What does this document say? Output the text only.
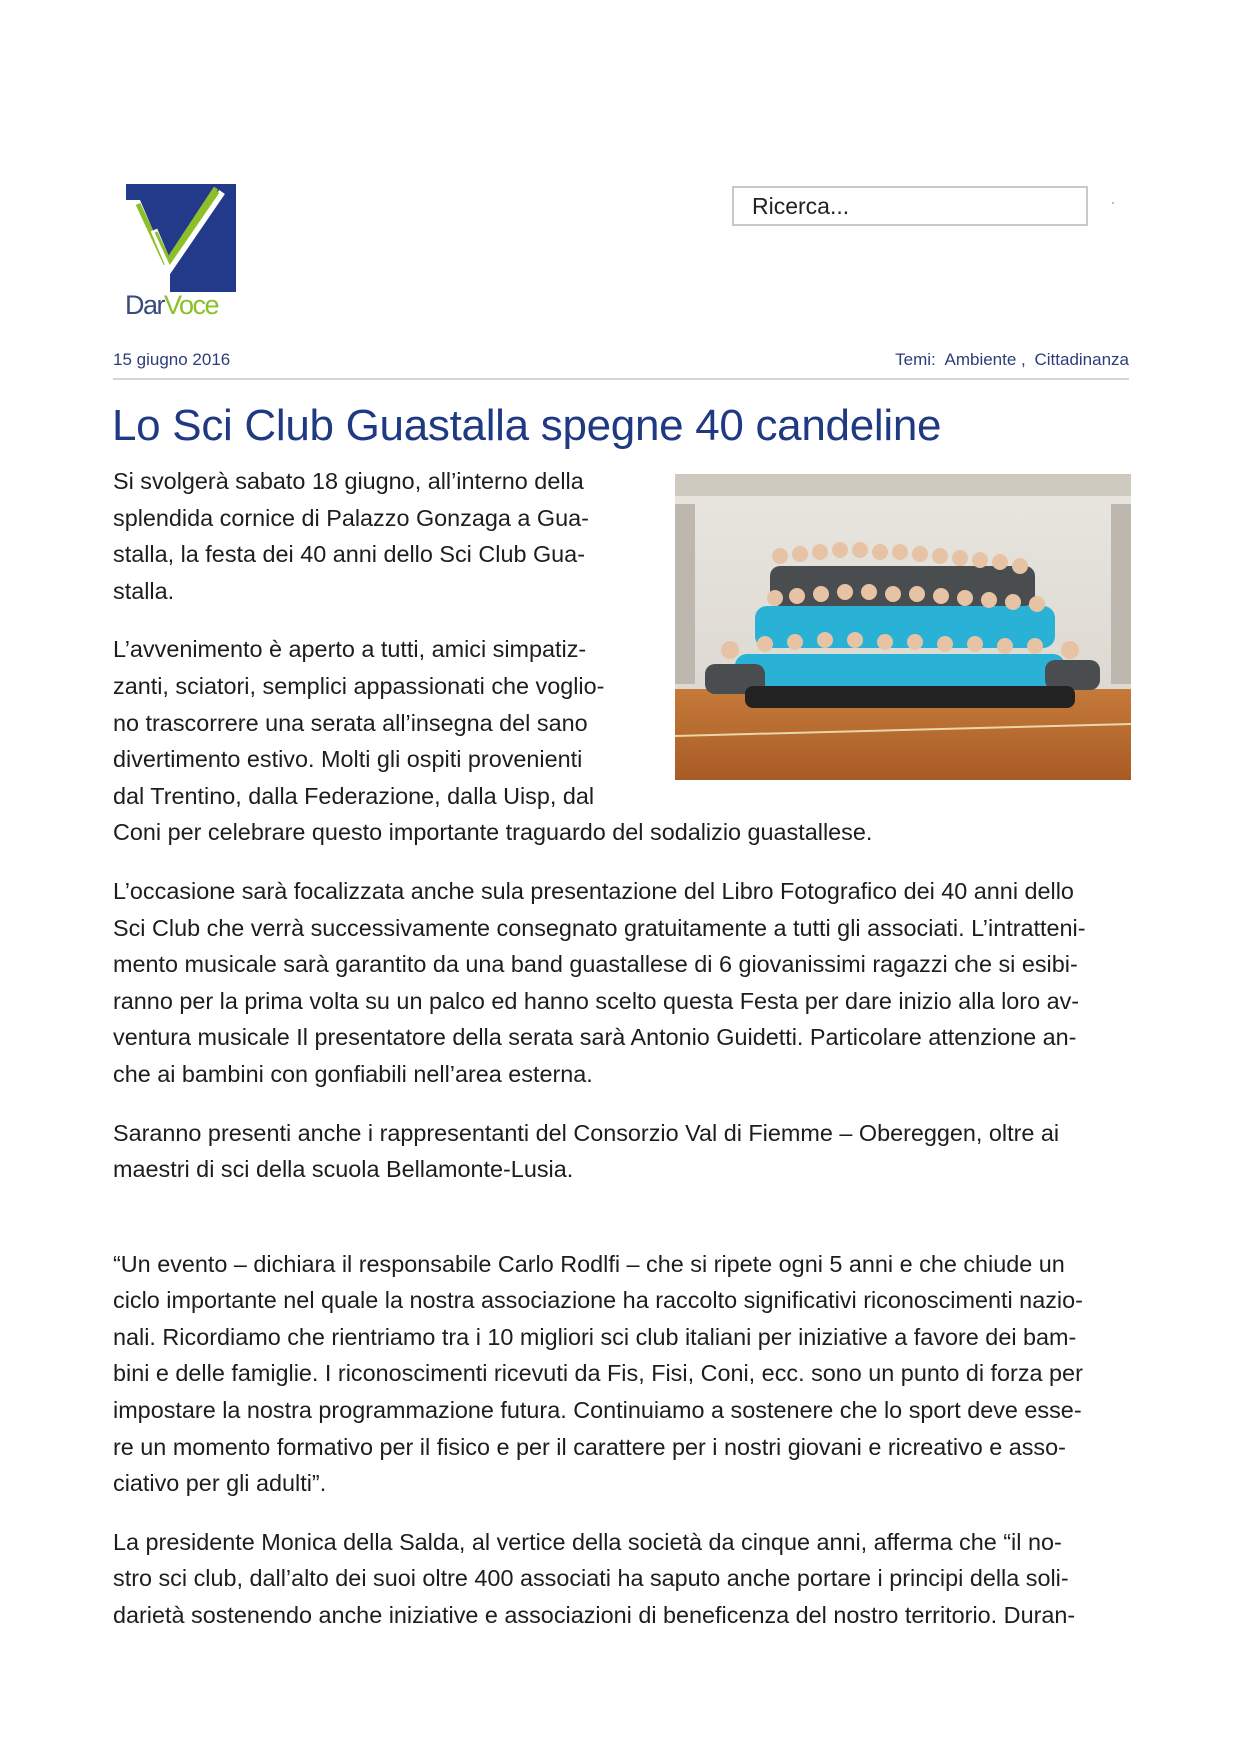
DarVoce
Ricerca...
15 giugno 2016	Temi: Ambiente , Cittadinanza
Lo Sci Club Guastalla spegne 40 candeline

Si svolgerà sabato 18 giugno, all’interno della
splendida cornice di Palazzo Gonzaga a Gua-
stalla, la festa dei 40 anni dello Sci Club Gua-
stalla.

L’avvenimento è aperto a tutti, amici simpatiz-
zanti, sciatori, semplici appassionati che voglio-
no trascorrere una serata all’insegna del sano
divertimento estivo. Molti gli ospiti provenienti
dal Trentino, dalla Federazione, dalla Uisp, dal
Coni per celebrare questo importante traguardo del sodalizio guastallese.

L’occasione sarà focalizzata anche sula presentazione del Libro Fotografico dei 40 anni dello
Sci Club che verrà successivamente consegnato gratuitamente a tutti gli associati. L’intratteni-
mento musicale sarà garantito da una band guastallese di 6 giovanissimi ragazzi che si esibi-
ranno per la prima volta su un palco ed hanno scelto questa Festa per dare inizio alla loro av-
ventura musicale Il presentatore della serata sarà Antonio Guidetti. Particolare attenzione an-
che ai bambini con gonfiabili nell’area esterna.

Saranno presenti anche i rappresentanti del Consorzio Val di Fiemme – Obereggen, oltre ai
maestri di sci della scuola Bellamonte-Lusia.

“Un evento – dichiara il responsabile Carlo Rodlfi – che si ripete ogni 5 anni e che chiude un
ciclo importante nel quale la nostra associazione ha raccolto significativi riconoscimenti nazio-
nali. Ricordiamo che rientriamo tra i 10 migliori sci club italiani per iniziative a favore dei bam-
bini e delle famiglie. I riconoscimenti ricevuti da Fis, Fisi, Coni, ecc. sono un punto di forza per
impostare la nostra programmazione futura. Continuiamo a sostenere che lo sport deve esse-
re un momento formativo per il fisico e per il carattere per i nostri giovani e ricreativo e asso-
ciativo per gli adulti”.

La presidente Monica della Salda, al vertice della società da cinque anni, afferma che “il no-
stro sci club, dall’alto dei suoi oltre 400 associati ha saputo anche portare i principi della soli-
darietà sostenendo anche iniziative e associazioni di beneficenza del nostro territorio. Duran-
